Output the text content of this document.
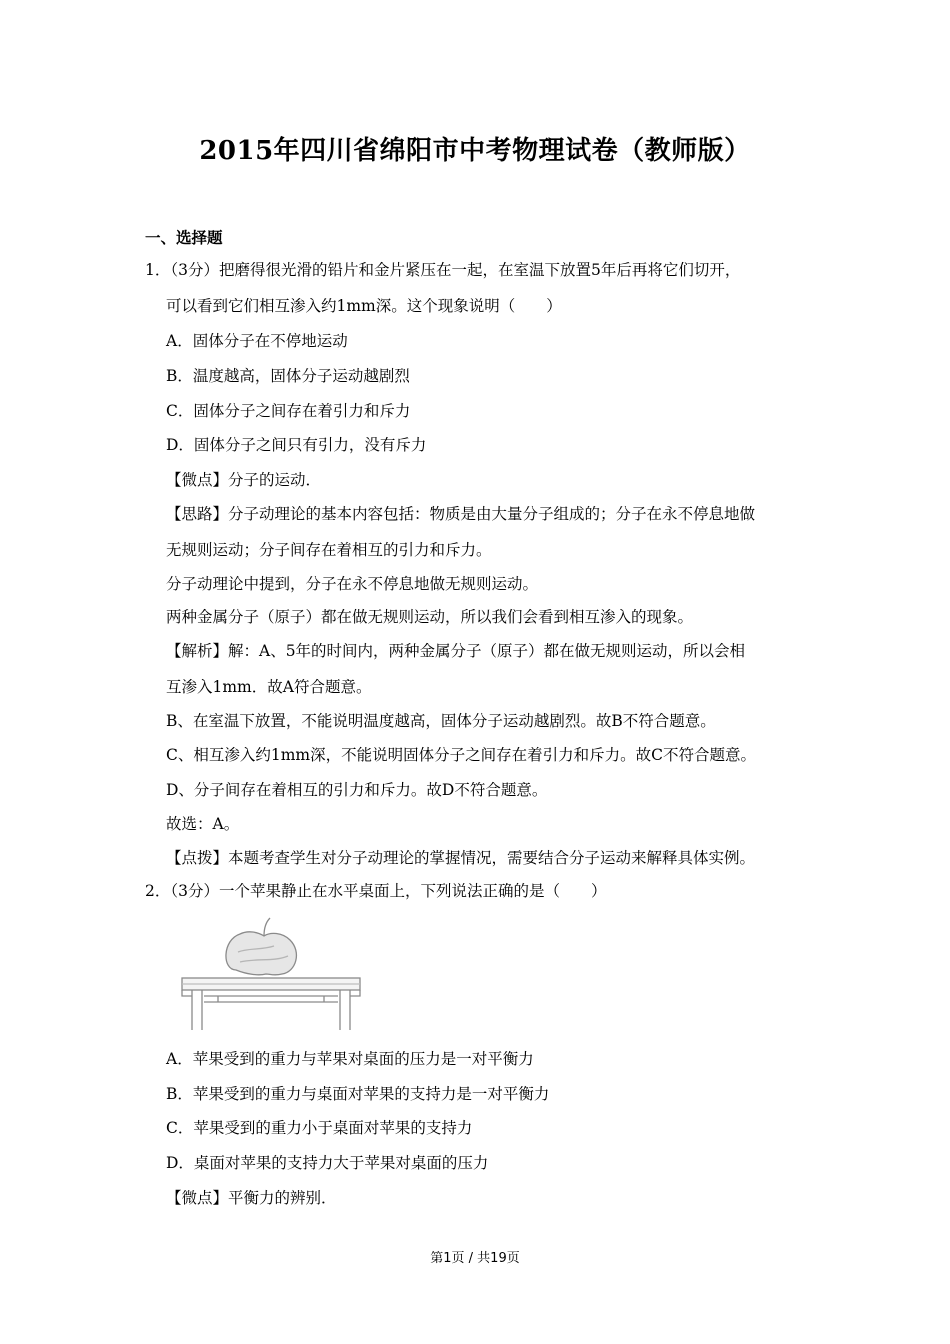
2015年四川省绵阳市中考物理试卷（教师版）
一、选择题
1．（3分）把磨得很光滑的铅片和金片紧压在一起，在室温下放置5年后再将它们切开，
可以看到它们相互渗入约1mm深。这个现象说明（　　）
A．固体分子在不停地运动
B．温度越高，固体分子运动越剧烈
C．固体分子之间存在着引力和斥力
D．固体分子之间只有引力，没有斥力
【微点】分子的运动．
【思路】分子动理论的基本内容包括：物质是由大量分子组成的；分子在永不停息地做
无规则运动；分子间存在着相互的引力和斥力。
分子动理论中提到，分子在永不停息地做无规则运动。
两种金属分子（原子）都在做无规则运动，所以我们会看到相互渗入的现象。
【解析】解：A、5年的时间内，两种金属分子（原子）都在做无规则运动，所以会相
互渗入1mm．故A符合题意。
B、在室温下放置，不能说明温度越高，固体分子运动越剧烈。故B不符合题意。
C、相互渗入约1mm深，不能说明固体分子之间存在着引力和斥力。故C不符合题意。
D、分子间存在着相互的引力和斥力。故D不符合题意。
故选：A。
【点拨】本题考查学生对分子动理论的掌握情况，需要结合分子运动来解释具体实例。
2．（3分）一个苹果静止在水平桌面上，下列说法正确的是（　　）
A．苹果受到的重力与苹果对桌面的压力是一对平衡力
B．苹果受到的重力与桌面对苹果的支持力是一对平衡力
C．苹果受到的重力小于桌面对苹果的支持力
D．桌面对苹果的支持力大于苹果对桌面的压力
【微点】平衡力的辨别．
第1页 / 共19页
